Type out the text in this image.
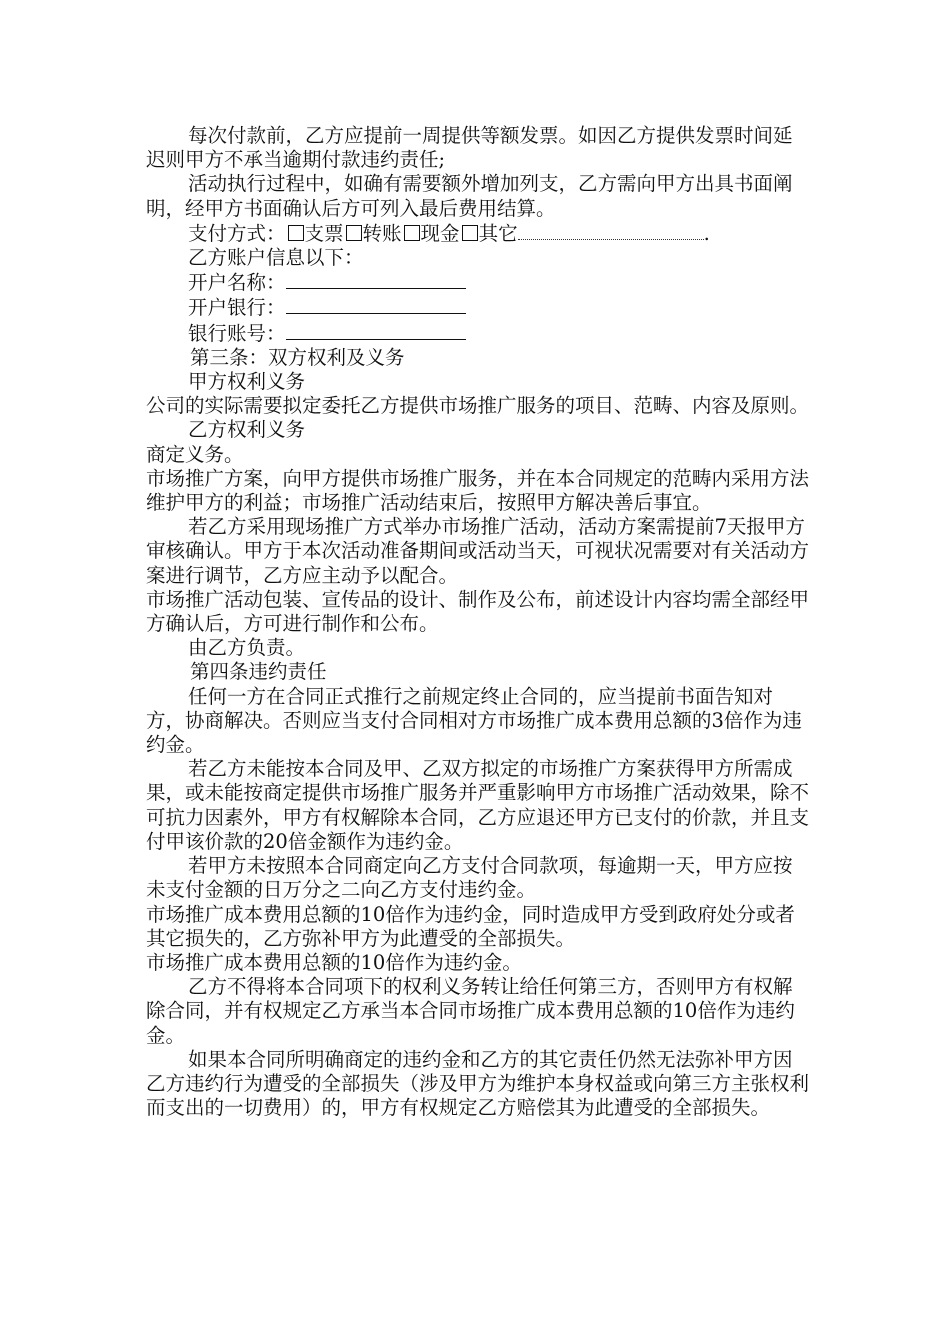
每次付款前，乙方应提前一周提供等额发票。如因乙方提供发票时间延迟则甲方不承当逾期付款违约责任;

活动执行过程中，如确有需要额外增加列支，乙方需向甲方出具书面阐明，经甲方书面确认后方可列入最后费用结算。

支付方式： 支票 转账 现金 其它	.

乙方账户信息以下：

开户名称：

开户银行：

银行账号：

第三条：双方权利及义务

甲方权利义务

公司的实际需要拟定委托乙方提供市场推广服务的项目、范畴、内容及原则。

乙方权利义务

商定义务。

市场推广方案，向甲方提供市场推广服务，并在本合同规定的范畴内采用方法维护甲方的利益；市场推广活动结束后，按照甲方解决善后事宜。

若乙方采用现场推广方式举办市场推广活动，活动方案需提前7天报甲方审核确认。甲方于本次活动准备期间或活动当天，可视状况需要对有关活动方案进行调节，乙方应主动予以配合。

市场推广活动包装、宣传品的设计、制作及公布，前述设计内容均需全部经甲方确认后，方可进行制作和公布。

由乙方负责。

第四条违约责任

任何一方在合同正式推行之前规定终止合同的，应当提前书面告知对方，协商解决。否则应当支付合同相对方市场推广成本费用总额的3倍作为违约金。

若乙方未能按本合同及甲、乙双方拟定的市场推广方案获得甲方所需成果，或未能按商定提供市场推广服务并严重影响甲方市场推广活动效果，除不可抗力因素外，甲方有权解除本合同，乙方应退还甲方已支付的价款，并且支付甲该价款的20倍金额作为违约金。

若甲方未按照本合同商定向乙方支付合同款项，每逾期一天，甲方应按未支付金额的日万分之二向乙方支付违约金。

市场推广成本费用总额的10倍作为违约金，同时造成甲方受到政府处分或者其它损失的，乙方弥补甲方为此遭受的全部损失。

市场推广成本费用总额的10倍作为违约金。

乙方不得将本合同项下的权利义务转让给任何第三方，否则甲方有权解除合同，并有权规定乙方承当本合同市场推广成本费用总额的10倍作为违约金。

如果本合同所明确商定的违约金和乙方的其它责任仍然无法弥补甲方因乙方违约行为遭受的全部损失（涉及甲方为维护本身权益或向第三方主张权利而支出的一切费用）的，甲方有权规定乙方赔偿其为此遭受的全部损失。
